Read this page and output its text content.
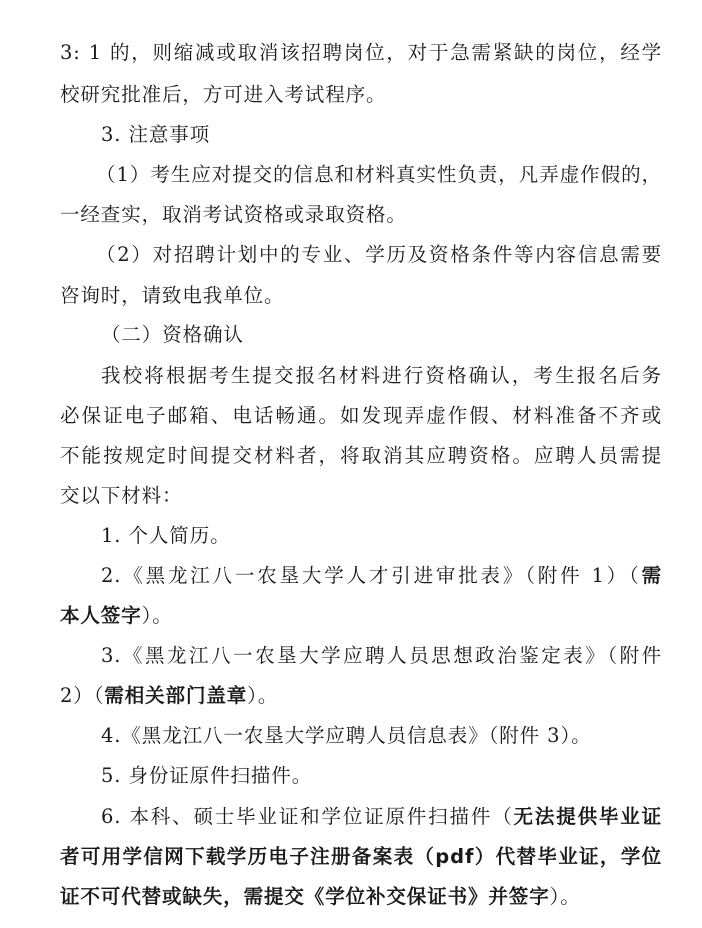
3: 1 的，则缩减或取消该招聘岗位，对于急需紧缺的岗位，经学
校研究批准后，方可进入考试程序。
3. 注意事项
（1）考生应对提交的信息和材料真实性负责，凡弄虚作假的，
一经查实，取消考试资格或录取资格。
（2）对招聘计划中的专业、学历及资格条件等内容信息需要
咨询时，请致电我单位。
（二）资格确认
我校将根据考生提交报名材料进行资格确认，考生报名后务
必保证电子邮箱、电话畅通。如发现弄虚作假、材料准备不齐或
不能按规定时间提交材料者，将取消其应聘资格。应聘人员需提
交以下材料：
1. 个人简历。
2.《黑龙江八一农垦大学人才引进审批表》（附件 1）（需
本人签字）。
3.《黑龙江八一农垦大学应聘人员思想政治鉴定表》（附件
2）（需相关部门盖章）。
4.《黑龙江八一农垦大学应聘人员信息表》（附件 3）。
5. 身份证原件扫描件。
6. 本科、硕士毕业证和学位证原件扫描件（无法提供毕业证
者可用学信网下载学历电子注册备案表（pdf）代替毕业证，学位
证不可代替或缺失，需提交《学位补交保证书》并签字）。
